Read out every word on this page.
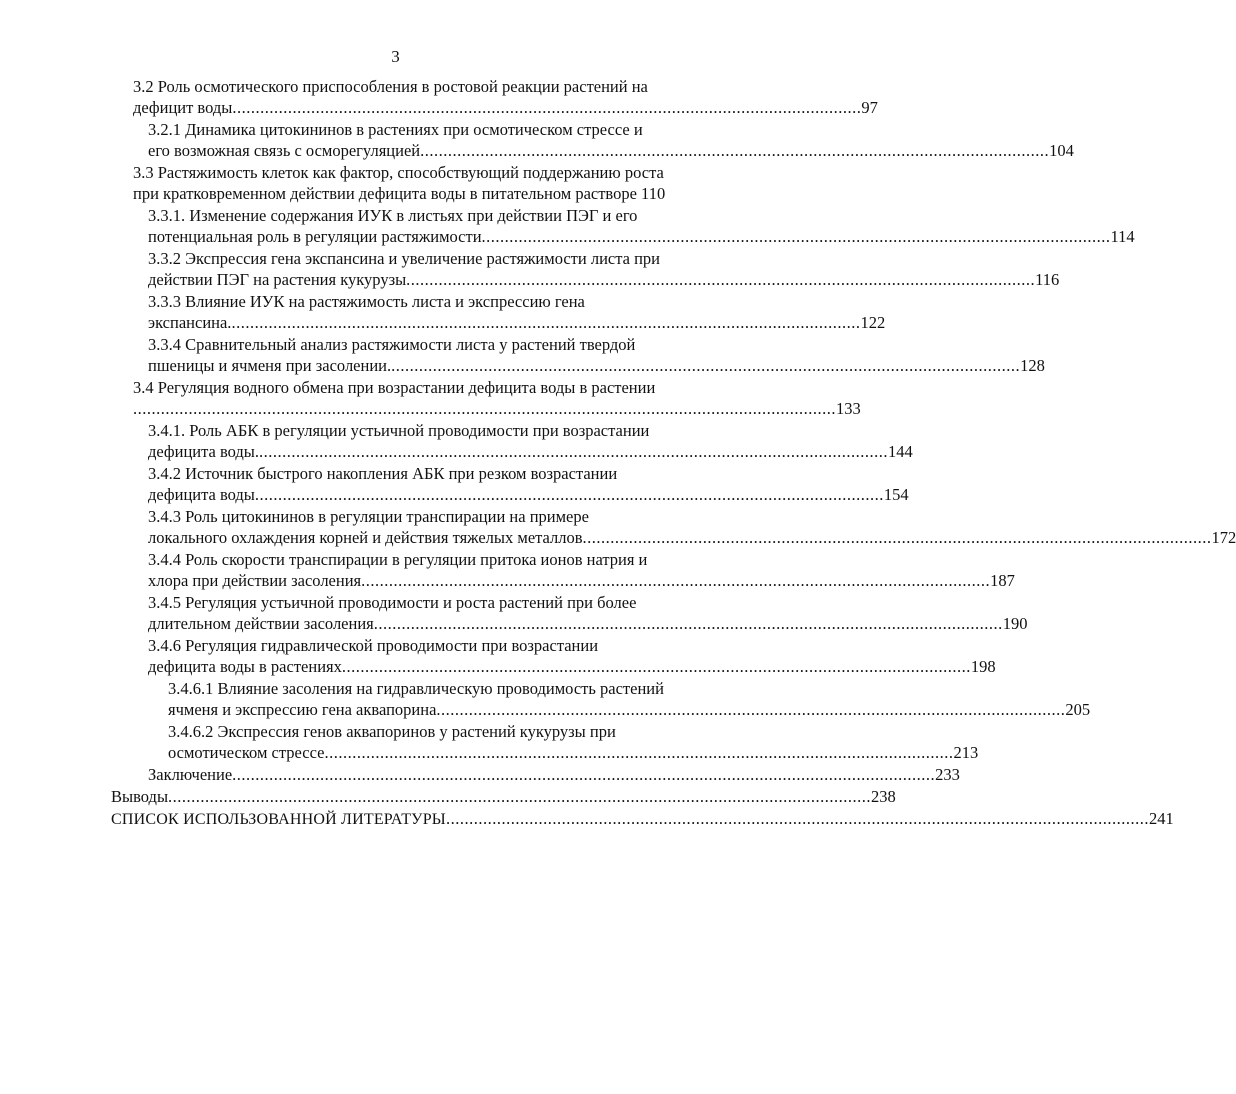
3
3.2 Роль осмотического приспособления в ростовой реакции растений на
дефицит воды ........................................................................................................................................ 97
3.2.1 Динамика цитокининов в растениях при осмотическом стрессе и
его возможная связь с осморегуляцией ........................................................................................................................................ 104
3.3 Растяжимость клеток как фактор, способствующий поддержанию роста
при кратковременном действии дефицита воды в питательном растворе 110
3.3.1. Изменение содержания ИУК в листьях при действии ПЭГ и его
потенциальная роль в регуляции растяжимости ........................................................................................................................................ 114
3.3.2 Экспрессия гена экспансина и увеличение растяжимости листа при
действии ПЭГ на растения кукурузы ........................................................................................................................................ 116
3.3.3 Влияние ИУК на растяжимость листа и экспрессию гена
экспансина. ........................................................................................................................................ 122
3.3.4 Сравнительный анализ растяжимости листа у растений твердой
пшеницы и ячменя при засолении. ........................................................................................................................................ 128
3.4 Регуляция водного обмена при возрастании дефицита воды в растении
........................................................................................................................................................ 133
3.4.1. Роль АБК в регуляции устьичной проводимости при возрастании
дефицита воды. ........................................................................................................................................ 144
3.4.2 Источник быстрого накопления АБК при резком возрастании
дефицита воды ........................................................................................................................................ 154
3.4.3 Роль цитокининов в регуляции транспирации на примере
локального охлаждения корней и действия тяжелых металлов ........................................................................................................................................ 172
3.4.4 Роль скорости транспирации в регуляции притока ионов натрия и
хлора при действии засоления ........................................................................................................................................ 187
3.4.5 Регуляция устьичной проводимости и роста растений при более
длительном действии засоления ........................................................................................................................................ 190
3.4.6 Регуляция гидравлической проводимости при возрастании
дефицита воды в растениях ........................................................................................................................................ 198
3.4.6.1 Влияние засоления на гидравлическую проводимость растений
ячменя и экспрессию гена аквапорина ........................................................................................................................................ 205
3.4.6.2 Экспрессия генов аквапоринов у растений кукурузы при
осмотическом стрессе ........................................................................................................................................ 213
Заключение ........................................................................................................................................................ 233
Выводы ........................................................................................................................................................ 238
СПИСОК ИСПОЛЬЗОВАННОЙ ЛИТЕРАТУРЫ ........................................................................................................................................................ 241
